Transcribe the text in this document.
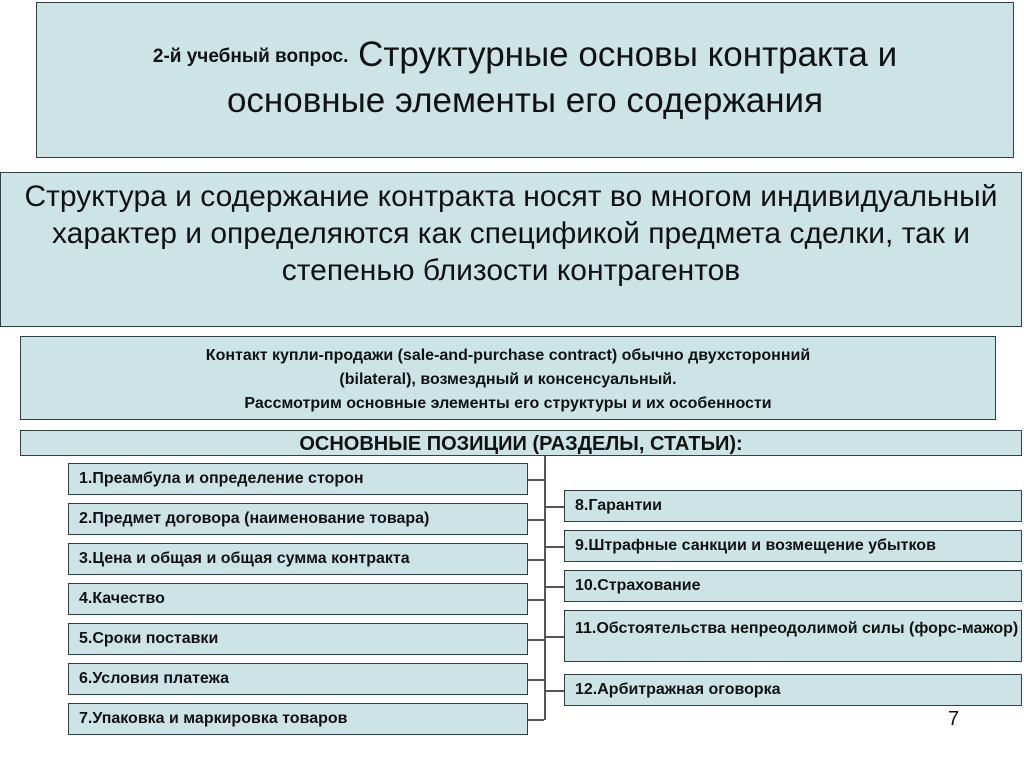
2-й учебный вопрос. Структурные основы контракта и
основные элементы его содержания
Структура и содержание контракта носят во многом индивидуальный характер и определяются как спецификой предмета сделки, так и степенью близости контрагентов
Контакт купли-продажи (sale-and-purchase contract) обычно двухсторонний
(bilateral), возмездный и консенсуальный.
Рассмотрим основные элементы его структуры и их особенности
ОСНОВНЫЕ ПОЗИЦИИ (РАЗДЕЛЫ, СТАТЬИ):
1.Преамбула и определение сторон
2.Предмет договора (наименование товара)
3.Цена и общая и общая сумма контракта
4.Качество
5.Сроки поставки
6.Условия платежа
7.Упаковка и маркировка товаров
8.Гарантии
9.Штрафные санкции и возмещение убытков
10.Страхование
11.Обстоятельства непреодолимой силы (форс-мажор)
12.Арбитражная оговорка
7
